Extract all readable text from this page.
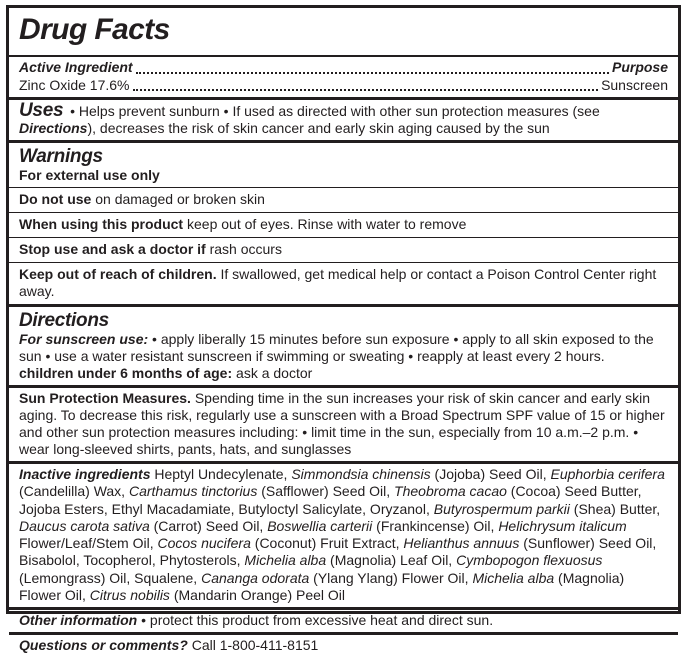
Drug Facts
Active Ingredient	Purpose
Zinc Oxide 17.6%	Sunscreen

Uses • Helps prevent sunburn • If used as directed with other sun protection measures (see Directions), decreases the risk of skin cancer and early skin aging caused by the sun

Warnings

For external use only

Do not use on damaged or broken skin
When using this product keep out of eyes. Rinse with water to remove
Stop use and ask a doctor if rash occurs
Keep out of reach of children. If swallowed, get medical help or contact a Poison Control Center right away.
Directions

For sunscreen use: • apply liberally 15 minutes before sun exposure • apply to all skin exposed to the sun • use a water resistant sunscreen if swimming or sweating • reapply at least every 2 hours.

children under 6 months of age: ask a doctor

Sun Protection Measures. Spending time in the sun increases your risk of skin cancer and early skin aging. To decrease this risk, regularly use a sunscreen with a Broad Spectrum SPF value of 15 or higher and other sun protection measures including: • limit time in the sun, especially from 10 a.m.–2 p.m. • wear long-sleeved shirts, pants, hats, and sunglasses

Inactive ingredients Heptyl Undecylenate, Simmondsia chinensis (Jojoba) Seed Oil, Euphorbia cerifera (Candelilla) Wax, Carthamus tinctorius (Safflower) Seed Oil, Theobroma cacao (Cocoa) Seed Butter, Jojoba Esters, Ethyl Macadamiate, Butyloctyl Salicylate, Oryzanol, Butyrospermum parkii (Shea) Butter, Daucus carota sativa (Carrot) Seed Oil, Boswellia carterii (Frankincense) Oil, Helichrysum italicum Flower/Leaf/Stem Oil, Cocos nucifera (Coconut) Fruit Extract, Helianthus annuus (Sunflower) Seed Oil, Bisabolol, Tocopherol, Phytosterols, Michelia alba (Magnolia) Leaf Oil, Cymbopogon flexuosus (Lemongrass) Oil, Squalene, Cananga odorata (Ylang Ylang) Flower Oil, Michelia alba (Magnolia) Flower Oil, Citrus nobilis (Mandarin Orange) Peel Oil

Other information • protect this product from excessive heat and direct sun.

Questions or comments? Call 1-800-411-8151
